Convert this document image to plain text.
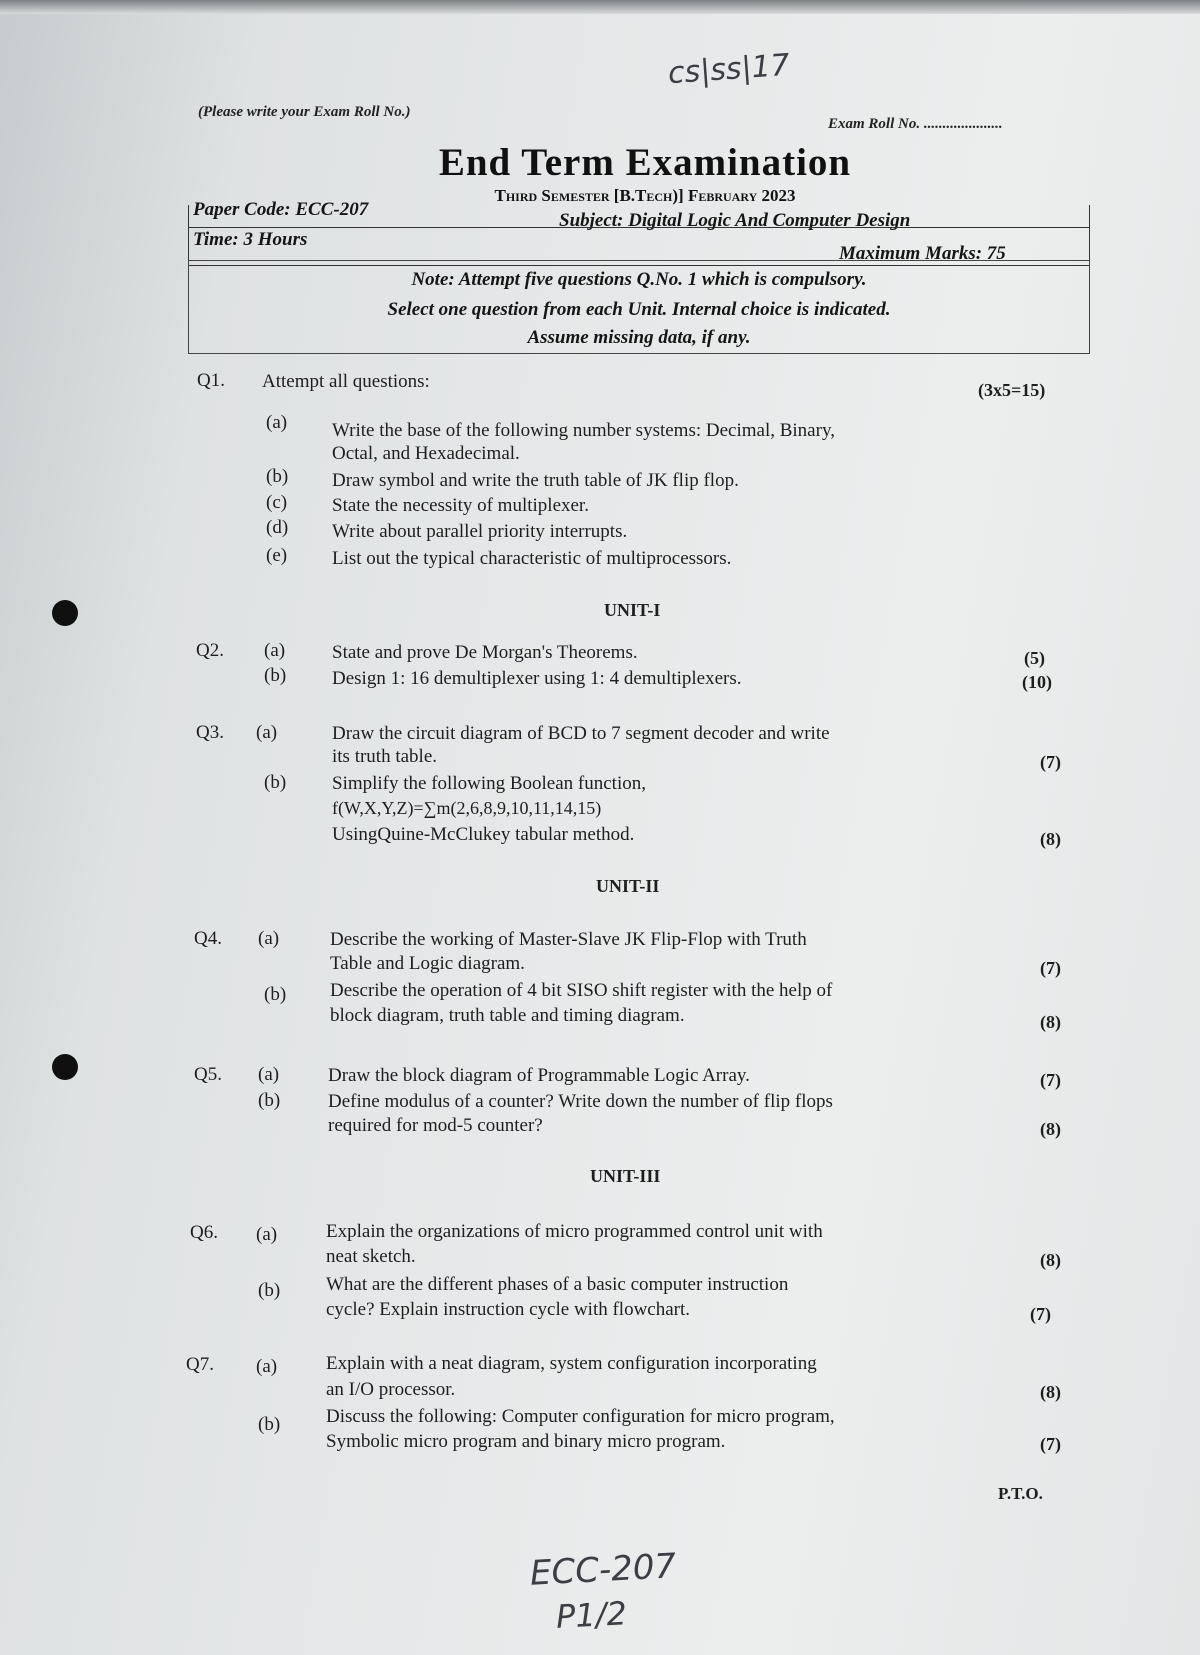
cs|ss|17
(Please write your Exam Roll No.)
Exam Roll No. .....................
End Term Examination
Third Semester [B.Tech)] February 2023
Paper Code: ECC-207
Subject: Digital Logic And Computer Design
Time: 3 Hours
Maximum Marks: 75
Note: Attempt five questions Q.No. 1 which is compulsory.
Select one question from each Unit. Internal choice is indicated.
Assume missing data, if any.
Q1. Attempt all questions:	(3x5=15)
(a) Write the base of the following number systems: Decimal, Binary,
Octal, and Hexadecimal.
(b) Draw symbol and write the truth table of JK flip flop.
(c) State the necessity of multiplexer.
(d) Write about parallel priority interrupts.
(e) List out the typical characteristic of multiprocessors.
UNIT-I
Q2. (a) State and prove De Morgan's Theorems.	(5)
(b) Design 1: 16 demultiplexer using 1: 4 demultiplexers.	(10)
Q3. (a)	Draw the circuit diagram of BCD to 7 segment decoder and write
its truth table.	(7)
(b) Simplify the following Boolean function,
f(W,X,Y,Z)=∑m(2,6,8,9,10,11,14,15)
UsingQuine-McClukey tabular method.	(8)
UNIT-II
Q4. (a)	Describe the working of Master-Slave JK Flip-Flop with Truth
Table and Logic diagram.	(7)
(b) Describe the operation of 4 bit SISO shift register with the help of
block diagram, truth table and timing diagram.	(8)
Q5. (a)	Draw the block diagram of Programmable Logic Array.	(7)
(b)	Define modulus of a counter? Write down the number of flip flops
required for mod-5 counter?	(8)
UNIT-III
Q6. (a)	Explain the organizations of micro programmed control unit with
neat sketch.	(8)
(b) What are the different phases of a basic computer instruction
cycle? Explain instruction cycle with flowchart.	(7)
Q7. (a)	Explain with a neat diagram, system configuration incorporating
an I/O processor.	(8)
(b) Discuss the following: Computer configuration for micro program,
Symbolic micro program and binary micro program.	(7)
P.T.O.
ECC-207
P1/2
